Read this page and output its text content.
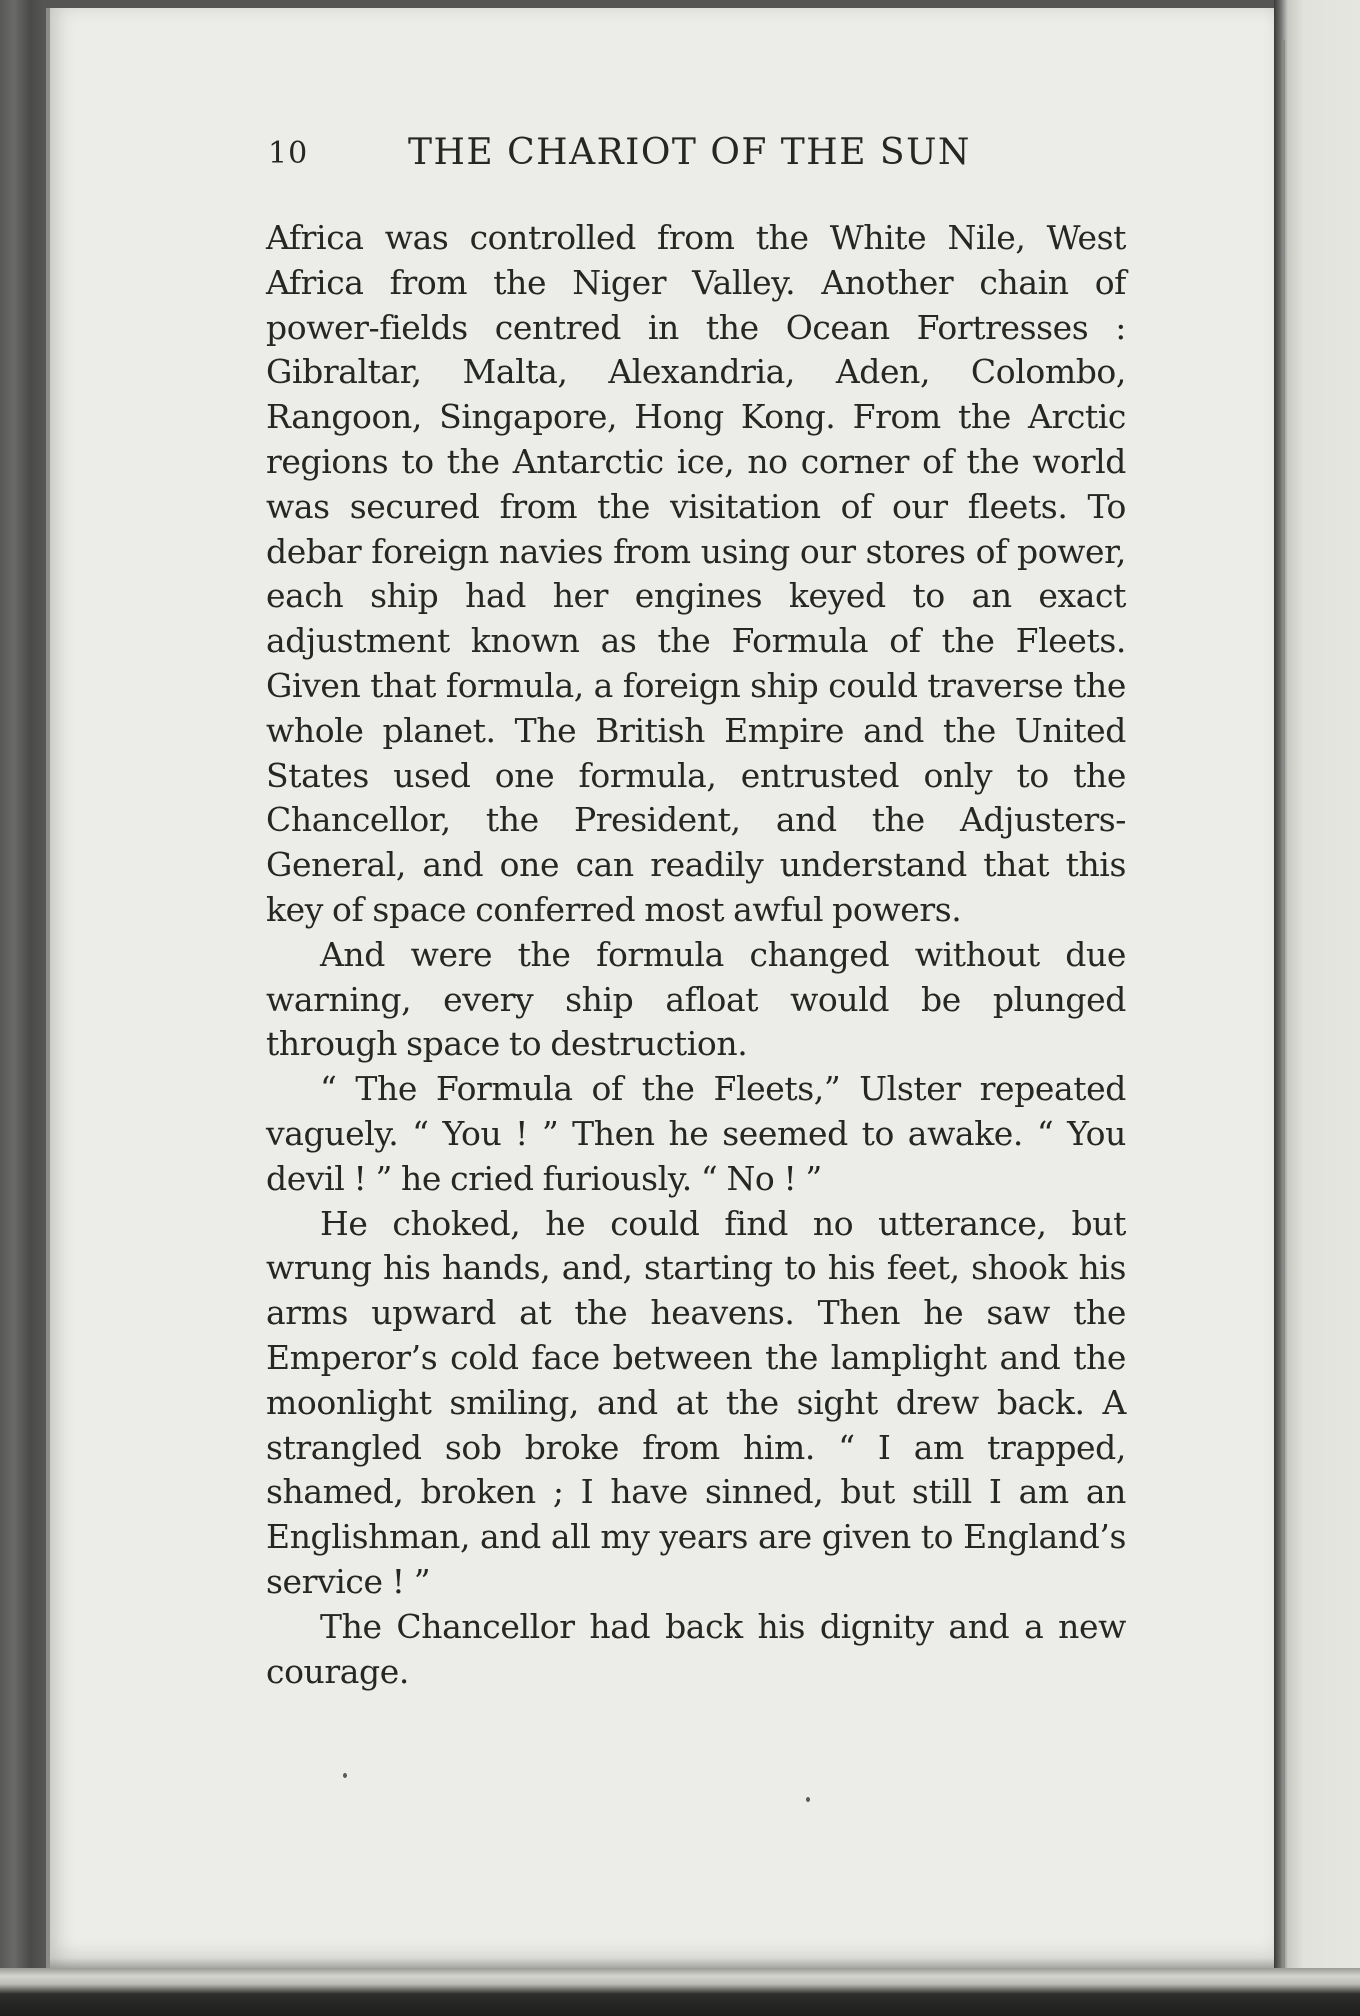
10	THE CHARIOT OF THE SUN

Africa was controlled from the White Nile, West Africa from the Niger Valley. Another chain of power-fields centred in the Ocean Fortresses : Gibraltar, Malta, Alexandria, Aden, Colombo, Rangoon, Singapore, Hong Kong. From the Arctic regions to the Antarctic ice, no corner of the world was secured from the visitation of our fleets. To debar foreign navies from using our stores of power, each ship had her engines keyed to an exact adjustment known as the Formula of the Fleets. Given that formula, a foreign ship could traverse the whole planet. The British Empire and the United States used one formula, entrusted only to the Chancellor, the President, and the Adjusters-General, and one can readily understand that this key of space conferred most awful powers.

And were the formula changed without due warning, every ship afloat would be plunged through space to destruction.

“ The Formula of the Fleets,” Ulster repeated vaguely. “ You ! ” Then he seemed to awake. “ You devil ! ” he cried furiously. “ No ! ”

He choked, he could find no utterance, but wrung his hands, and, starting to his feet, shook his arms upward at the heavens. Then he saw the Emperor’s cold face between the lamplight and the moonlight smiling, and at the sight drew back. A strangled sob broke from him. “ I am trapped, shamed, broken ; I have sinned, but still I am an Englishman, and all my years are given to England’s service ! ”

The Chancellor had back his dignity and a new courage.
